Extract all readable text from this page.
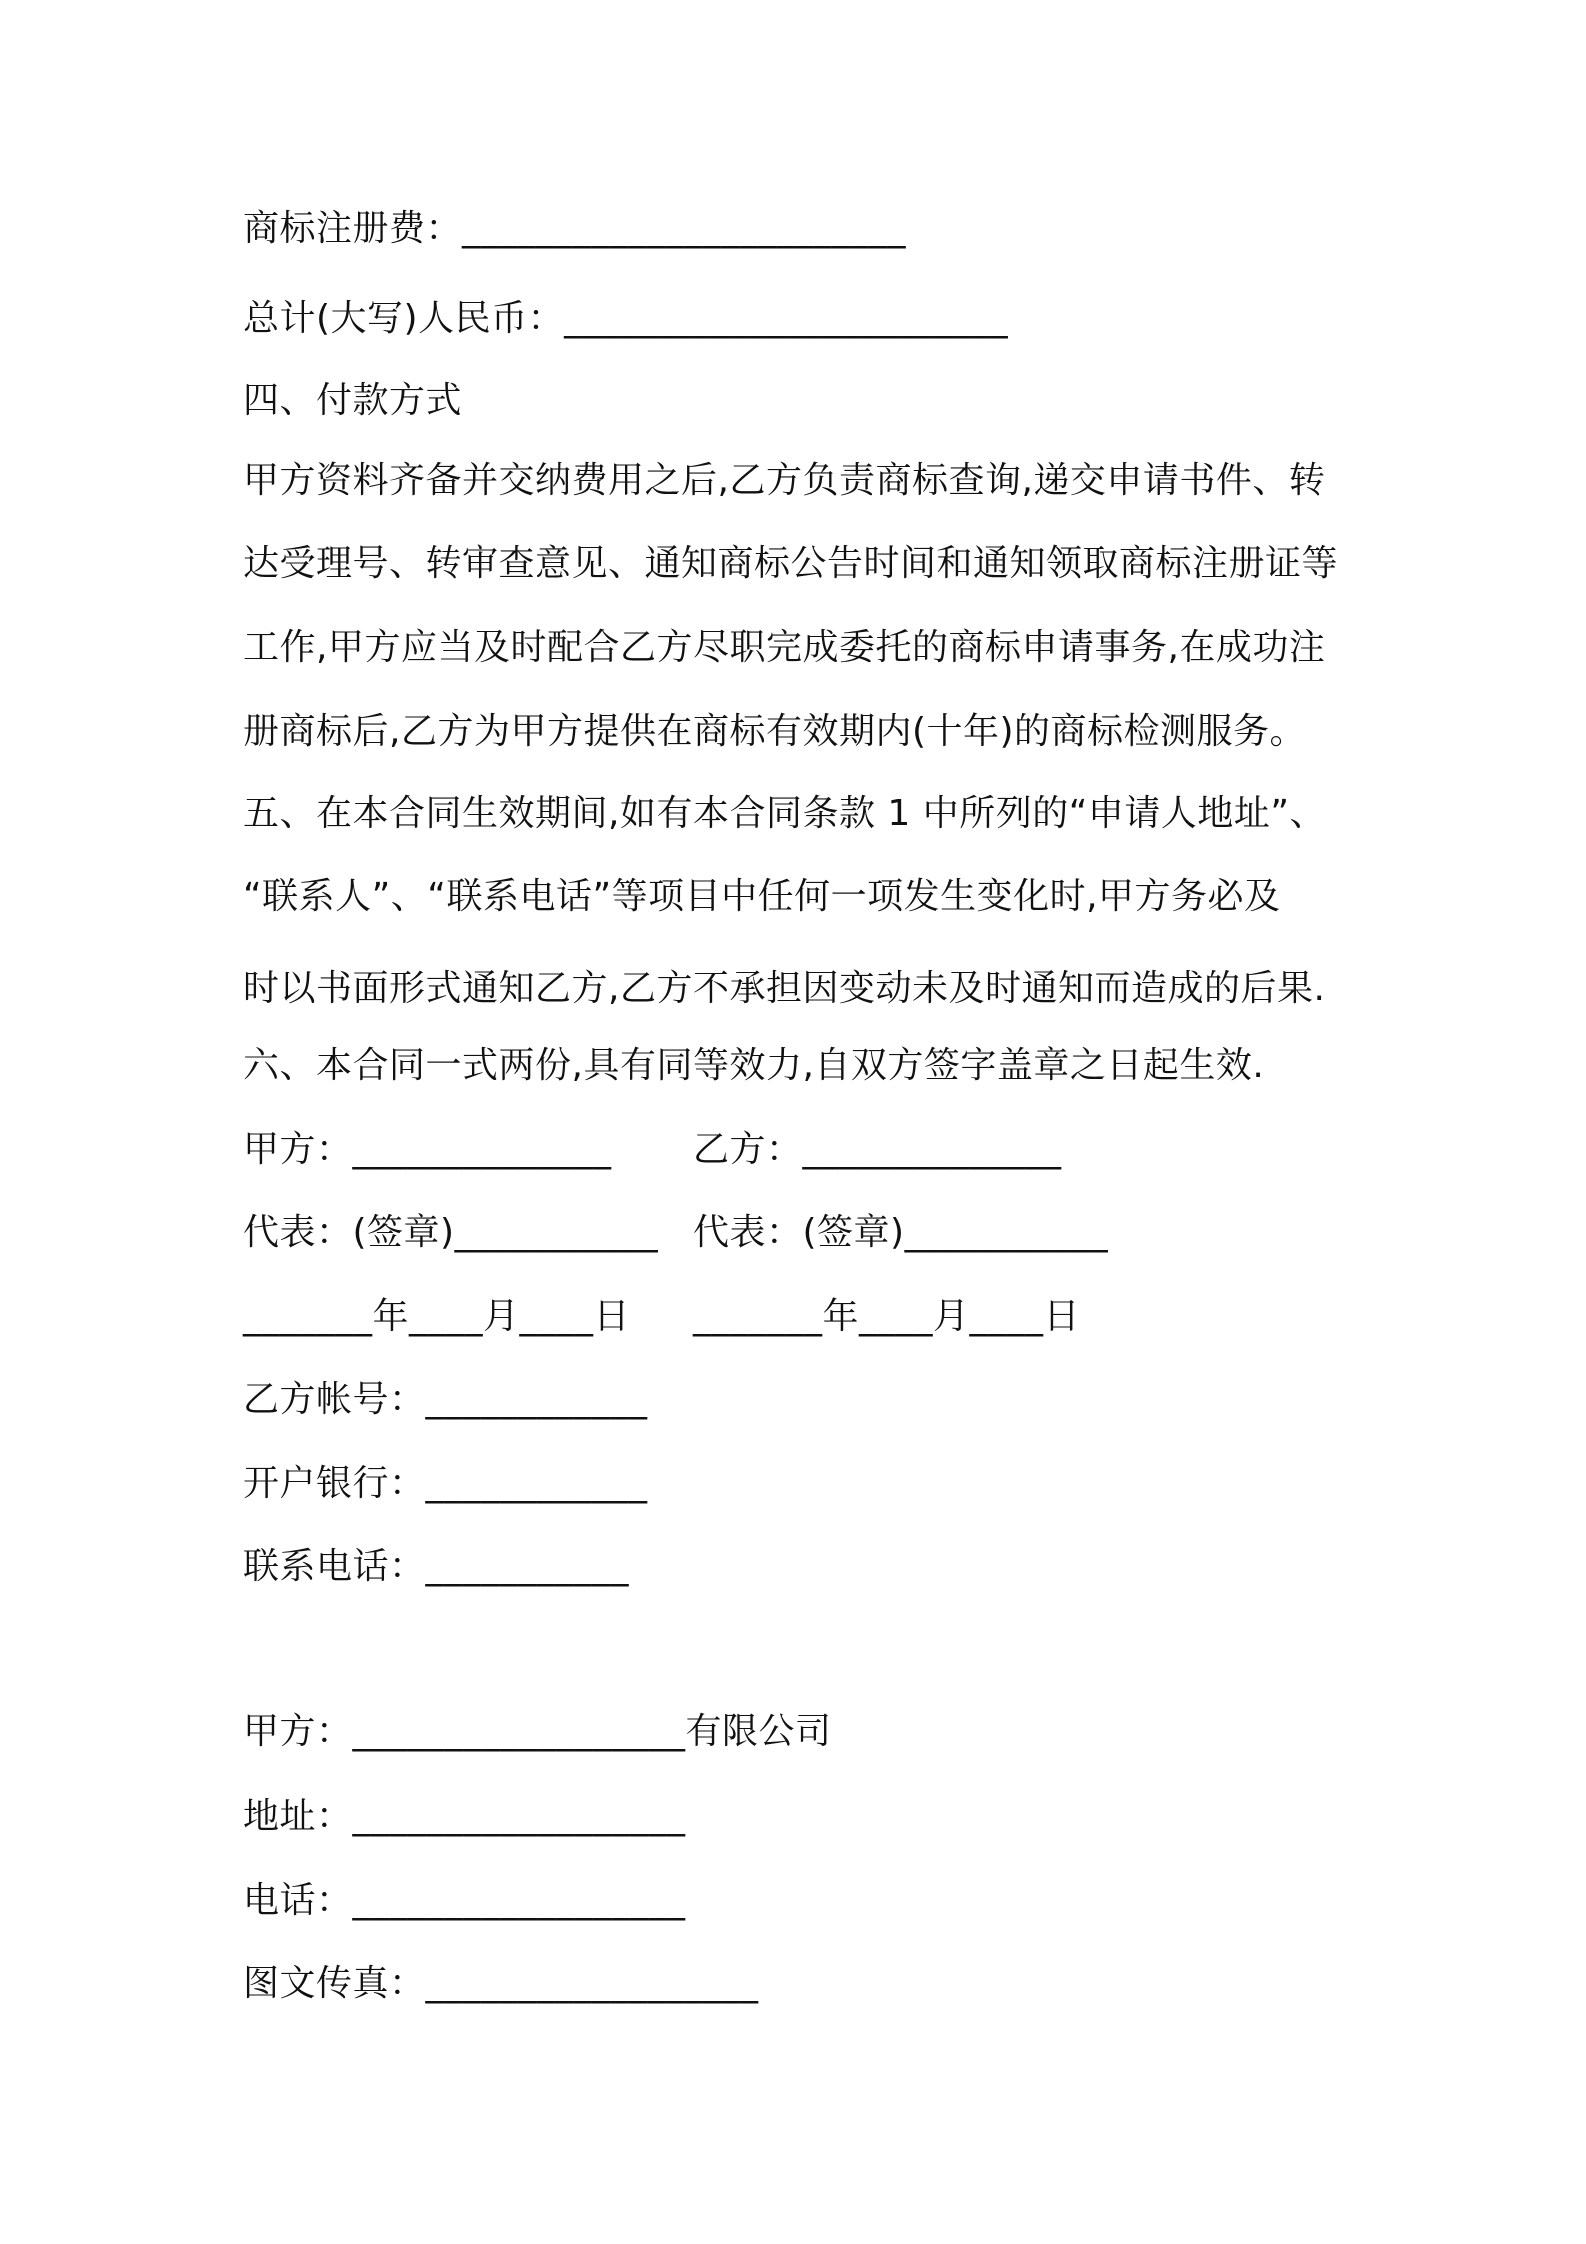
商标注册费：________________________
总计(大写)人民币：________________________
四、付款方式
甲方资料齐备并交纳费用之后,乙方负责商标查询,递交申请书件、转
达受理号、转审查意见、通知商标公告时间和通知领取商标注册证等
工作,甲方应当及时配合乙方尽职完成委托的商标申请事务,在成功注
册商标后,乙方为甲方提供在商标有效期内(十年)的商标检测服务。
五、在本合同生效期间,如有本合同条款 1 中所列的“申请人地址”、
“联系人”、“联系电话”等项目中任何一项发生变化时,甲方务必及
时以书面形式通知乙方,乙方不承担因变动未及时通知而造成的后果.
六、本合同一式两份,具有同等效力,自双方签字盖章之日起生效.
甲方：______________ 乙方：______________
代表：(签章)___________ 代表：(签章)___________
_______年____月____日 _______年____月____日
乙方帐号：____________
开户银行：____________
联系电话：___________
甲方：__________________有限公司
地址：__________________
电话：__________________
图文传真：__________________
